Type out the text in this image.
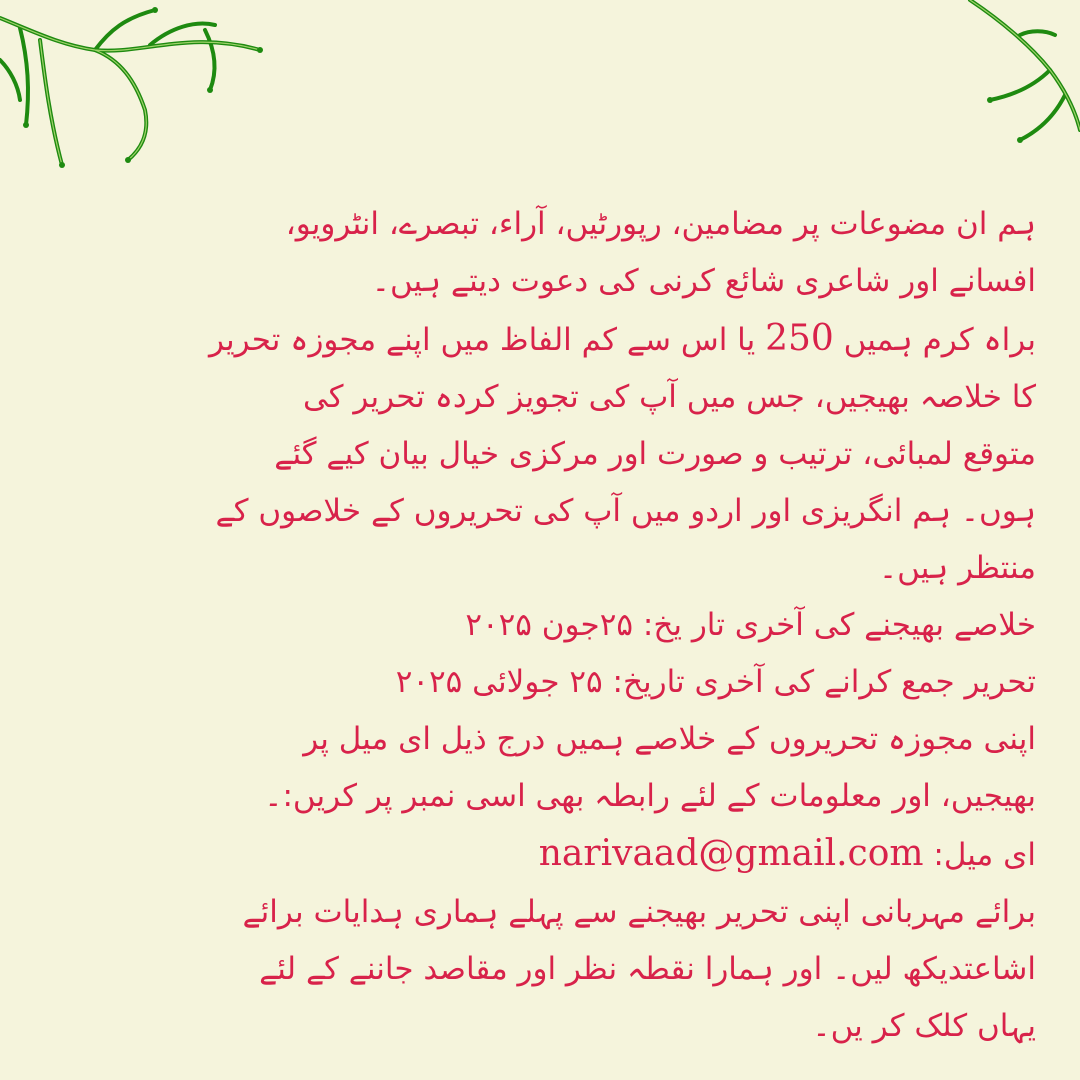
ہم ان مضوعات پر مضامین، رپورٹیں، آراء، تبصرے، انٹرویو،

افسانے اور شاعری شائع کرنی کی دعوت دیتے ہیں۔

براہ کرم ہمیں 250 یا اس سے کم الفاظ میں اپنے مجوزہ تحریر

کا خلاصہ بھیجیں، جس میں آپ کی تجویز کردہ تحریر کی

متوقع لمبائی، ترتیب و صورت اور مرکزی خیال بیان کیے گئے

ہوں۔ ہم انگریزی اور اردو میں آپ کی تحریروں کے خلاصوں کے

منتظر ہیں۔

خلاصے بھیجنے کی آخری تار یخ: ۲۵جون ۲۰۲۵

تحریر جمع کرانے کی آخری تاریخ: ۲۵ جولائی ۲۰۲۵

اپنی مجوزہ تحریروں کے خلاصے ہمیں درج ذیل ای میل پر

بھیجیں، اور معلومات کے لئے رابطہ بھی اسی نمبر پر کریں:۔

ای میل: narivaad@gmail.com

برائے مہربانی اپنی تحریر بھیجنے سے پہلے ہماری ہدایات برائے

اشاعتدیکھ لیں۔ اور ہمارا نقطہ نظر اور مقاصد جاننے کے لئے

یہاں کلک کر یں۔
